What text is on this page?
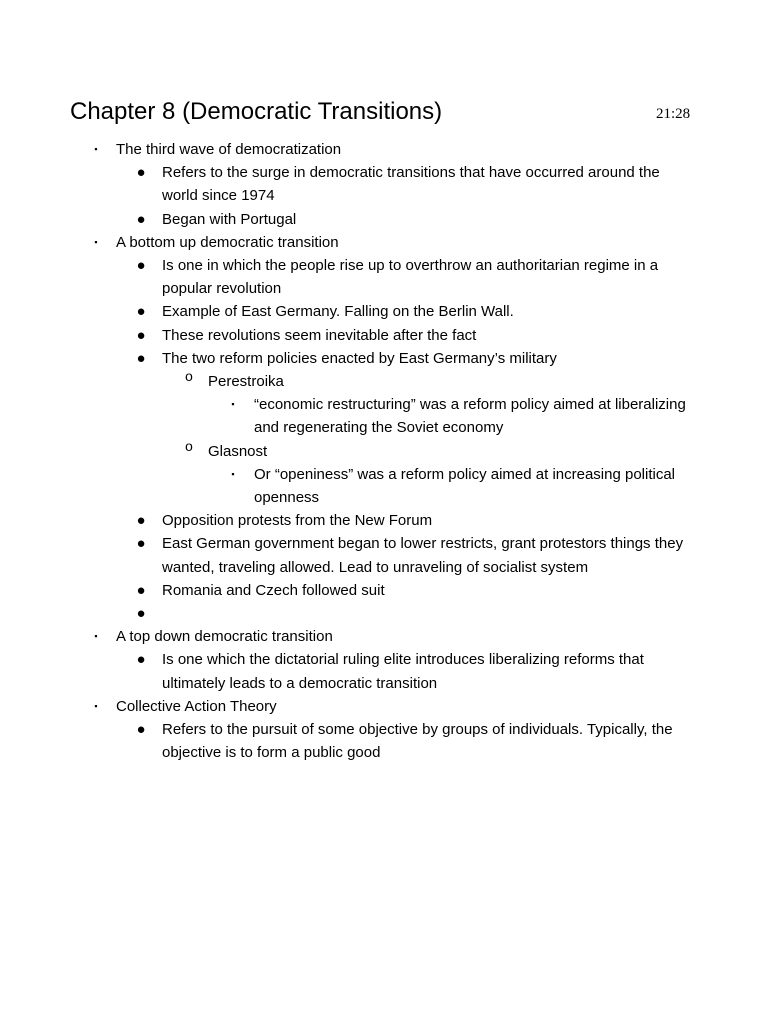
Chapter 8 (Democratic Transitions)	21:28
▪ The third wave of democratization
● Refers to the surge in democratic transitions that have occurred around the world since 1974
● Began with Portugal
▪ A bottom up democratic transition
● Is one in which the people rise up to overthrow an authoritarian regime in a popular revolution
● Example of East Germany. Falling on the Berlin Wall.
● These revolutions seem inevitable after the fact
● The two reform policies enacted by East Germany’s military
o Perestroika
▪ “economic restructuring” was a reform policy aimed at liberalizing and regenerating the Soviet economy
o Glasnost
▪ Or “openiness” was a reform policy aimed at increasing political openness
● Opposition protests from the New Forum
● East German government began to lower restricts, grant protestors things they wanted, traveling allowed. Lead to unraveling of socialist system
● Romania and Czech followed suit
●
▪ A top down democratic transition
● Is one which the dictatorial ruling elite introduces liberalizing reforms that ultimately leads to a democratic transition
▪ Collective Action Theory
● Refers to the pursuit of some objective by groups of individuals. Typically, the objective is to form a public good
